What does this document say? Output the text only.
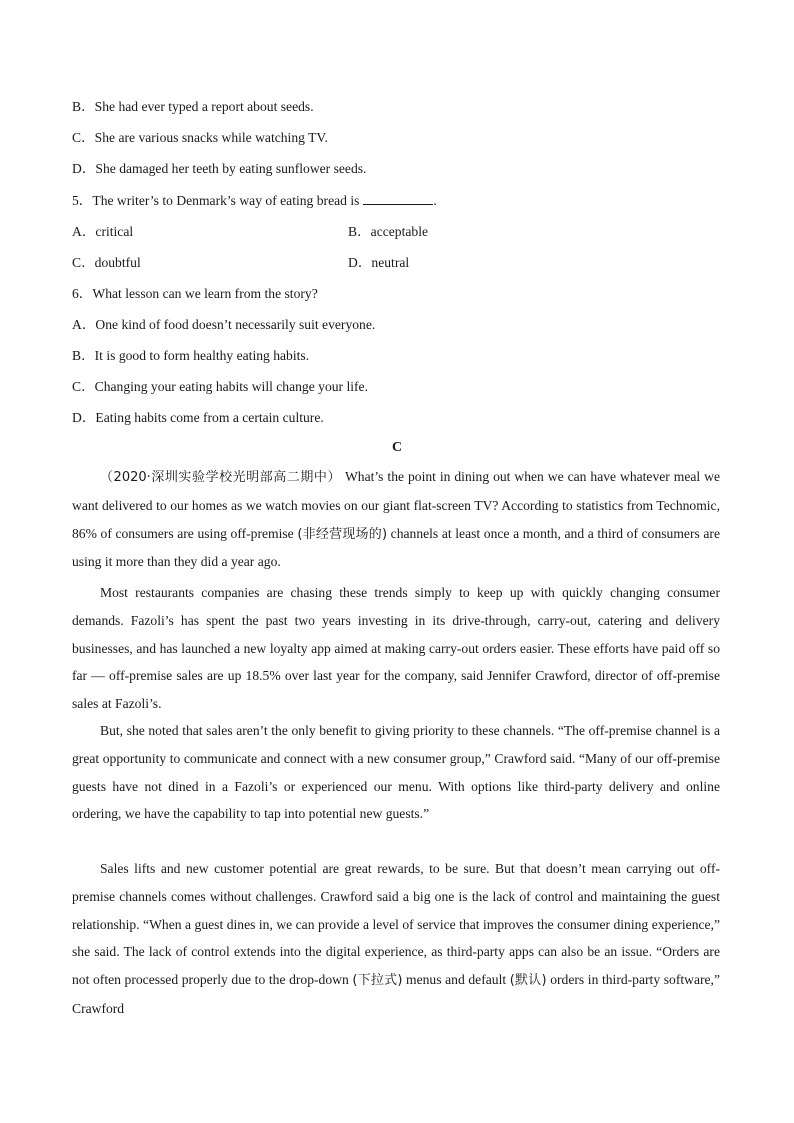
B．She had ever typed a report about seeds.
C．She are various snacks while watching TV.
D．She damaged her teeth by eating sunflower seeds.
5．The writer’s to Denmark’s way of eating bread is	.
A．critical	B．acceptable
C．doubtful	D．neutral
6．What lesson can we learn from the story?
A．One kind of food doesn’t necessarily suit everyone.
B．It is good to form healthy eating habits.
C．Changing your eating habits will change your life.
D．Eating habits come from a certain culture.
C
（2020·深圳实验学校光明部高二期中） What’s the point in dining out when we can have whatever meal we want delivered to our homes as we watch movies on our giant flat-screen TV? According to statistics from Technomic, 86% of consumers are using off-premise (非经营现场的) channels at least once a month, and a third of consumers are using it more than they did a year ago.
Most restaurants companies are chasing these trends simply to keep up with quickly changing consumer demands. Fazoli’s has spent the past two years investing in its drive-through, carry-out, catering and delivery businesses, and has launched a new loyalty app aimed at making carry-out orders easier. These efforts have paid off so far — off-premise sales are up 18.5% over last year for the company, said Jennifer Crawford, director of off-premise sales at Fazoli’s.
But, she noted that sales aren’t the only benefit to giving priority to these channels. “The off-premise channel is a great opportunity to communicate and connect with a new consumer group,” Crawford said. “Many of our off-premise guests have not dined in a Fazoli’s or experienced our menu. With options like third-party delivery and online ordering, we have the capability to tap into potential new guests.”
Sales lifts and new customer potential are great rewards, to be sure. But that doesn’t mean carrying out off-premise channels comes without challenges. Crawford said a big one is the lack of control and maintaining the guest relationship. “When a guest dines in, we can provide a level of service that improves the consumer dining experience,” she said. The lack of control extends into the digital experience, as third-party apps can also be an issue. “Orders are not often processed properly due to the drop-down (下拉式) menus and default (默认) orders in third-party software,” Crawford
